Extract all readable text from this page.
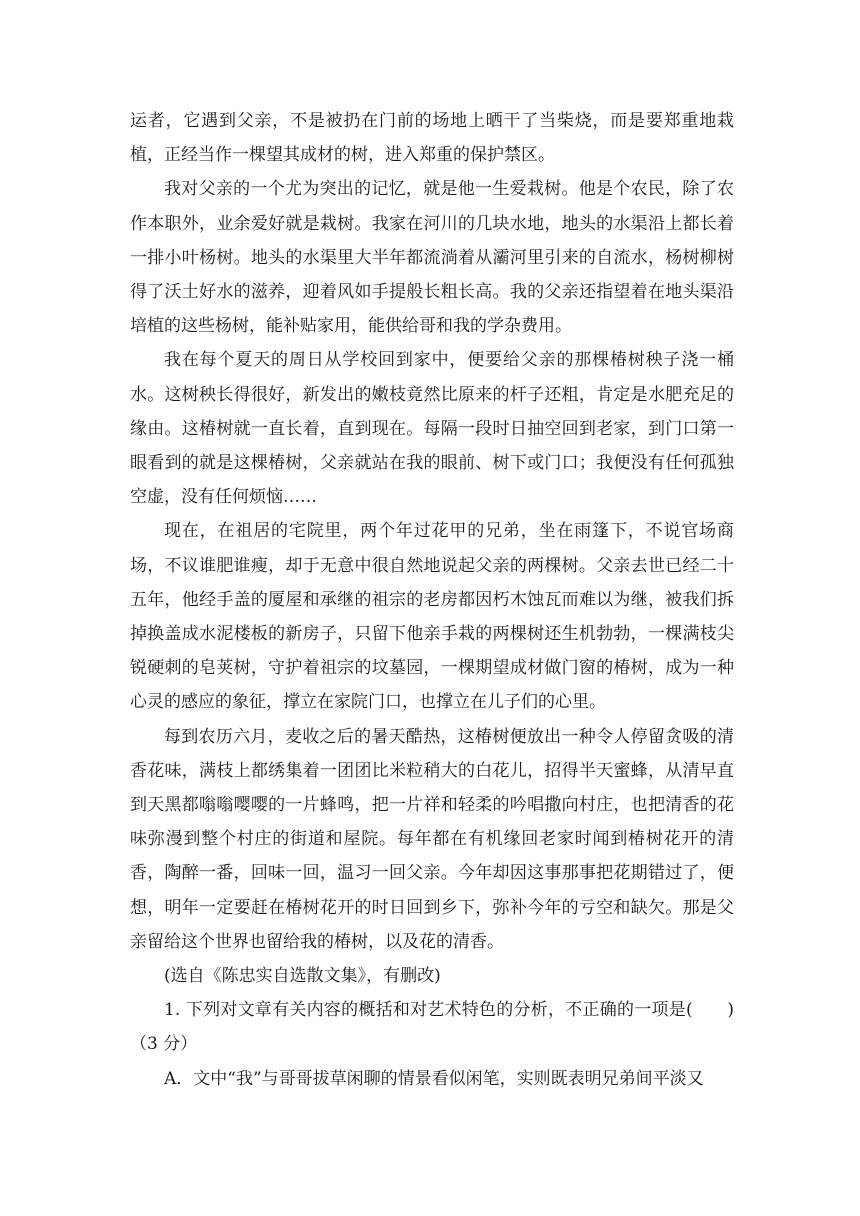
运者，它遇到父亲，不是被扔在门前的场地上晒干了当柴烧，而是要郑重地栽植，正经当作一棵望其成材的树，进入郑重的保护禁区。

我对父亲的一个尤为突出的记忆，就是他一生爱栽树。他是个农民，除了农作本职外，业余爱好就是栽树。我家在河川的几块水地，地头的水渠沿上都长着一排小叶杨树。地头的水渠里大半年都流淌着从灞河里引来的自流水，杨树柳树得了沃土好水的滋养，迎着风如手提般长粗长高。我的父亲还指望着在地头渠沿培植的这些杨树，能补贴家用，能供给哥和我的学杂费用。

我在每个夏天的周日从学校回到家中，便要给父亲的那棵椿树秧子浇一桶水。这树秧长得很好，新发出的嫩枝竟然比原来的杆子还粗，肯定是水肥充足的缘由。这椿树就一直长着，直到现在。每隔一段时日抽空回到老家，到门口第一眼看到的就是这棵椿树，父亲就站在我的眼前、树下或门口；我便没有任何孤独空虚，没有任何烦恼……

现在，在祖居的宅院里，两个年过花甲的兄弟，坐在雨篷下，不说官场商场，不议谁肥谁瘦，却于无意中很自然地说起父亲的两棵树。父亲去世已经二十五年，他经手盖的厦屋和承继的祖宗的老房都因朽木蚀瓦而难以为继，被我们拆掉换盖成水泥楼板的新房子，只留下他亲手栽的两棵树还生机勃勃，一棵满枝尖锐硬刺的皂荚树，守护着祖宗的坟墓园，一棵期望成材做门窗的椿树，成为一种心灵的感应的象征，撑立在家院门口，也撑立在儿子们的心里。

每到农历六月，麦收之后的暑天酷热，这椿树便放出一种令人停留贪吸的清香花味，满枝上都绣集着一团团比米粒稍大的白花儿，招得半天蜜蜂，从清早直到天黑都嗡嗡嘤嘤的一片蜂鸣，把一片祥和轻柔的吟唱撒向村庄，也把清香的花味弥漫到整个村庄的街道和屋院。每年都在有机缘回老家时闻到椿树花开的清香，陶醉一番，回味一回，温习一回父亲。今年却因这事那事把花期错过了，便想，明年一定要赶在椿树花开的时日回到乡下，弥补今年的亏空和缺欠。那是父亲留给这个世界也留给我的椿树，以及花的清香。

(选自《陈忠实自选散文集》，有删改)

1. 下列对文章有关内容的概括和对艺术特色的分析，不正确的一项是(　　)（3 分）

A．文中“我”与哥哥拔草闲聊的情景看似闲笔，实则既表明兄弟间平淡又
